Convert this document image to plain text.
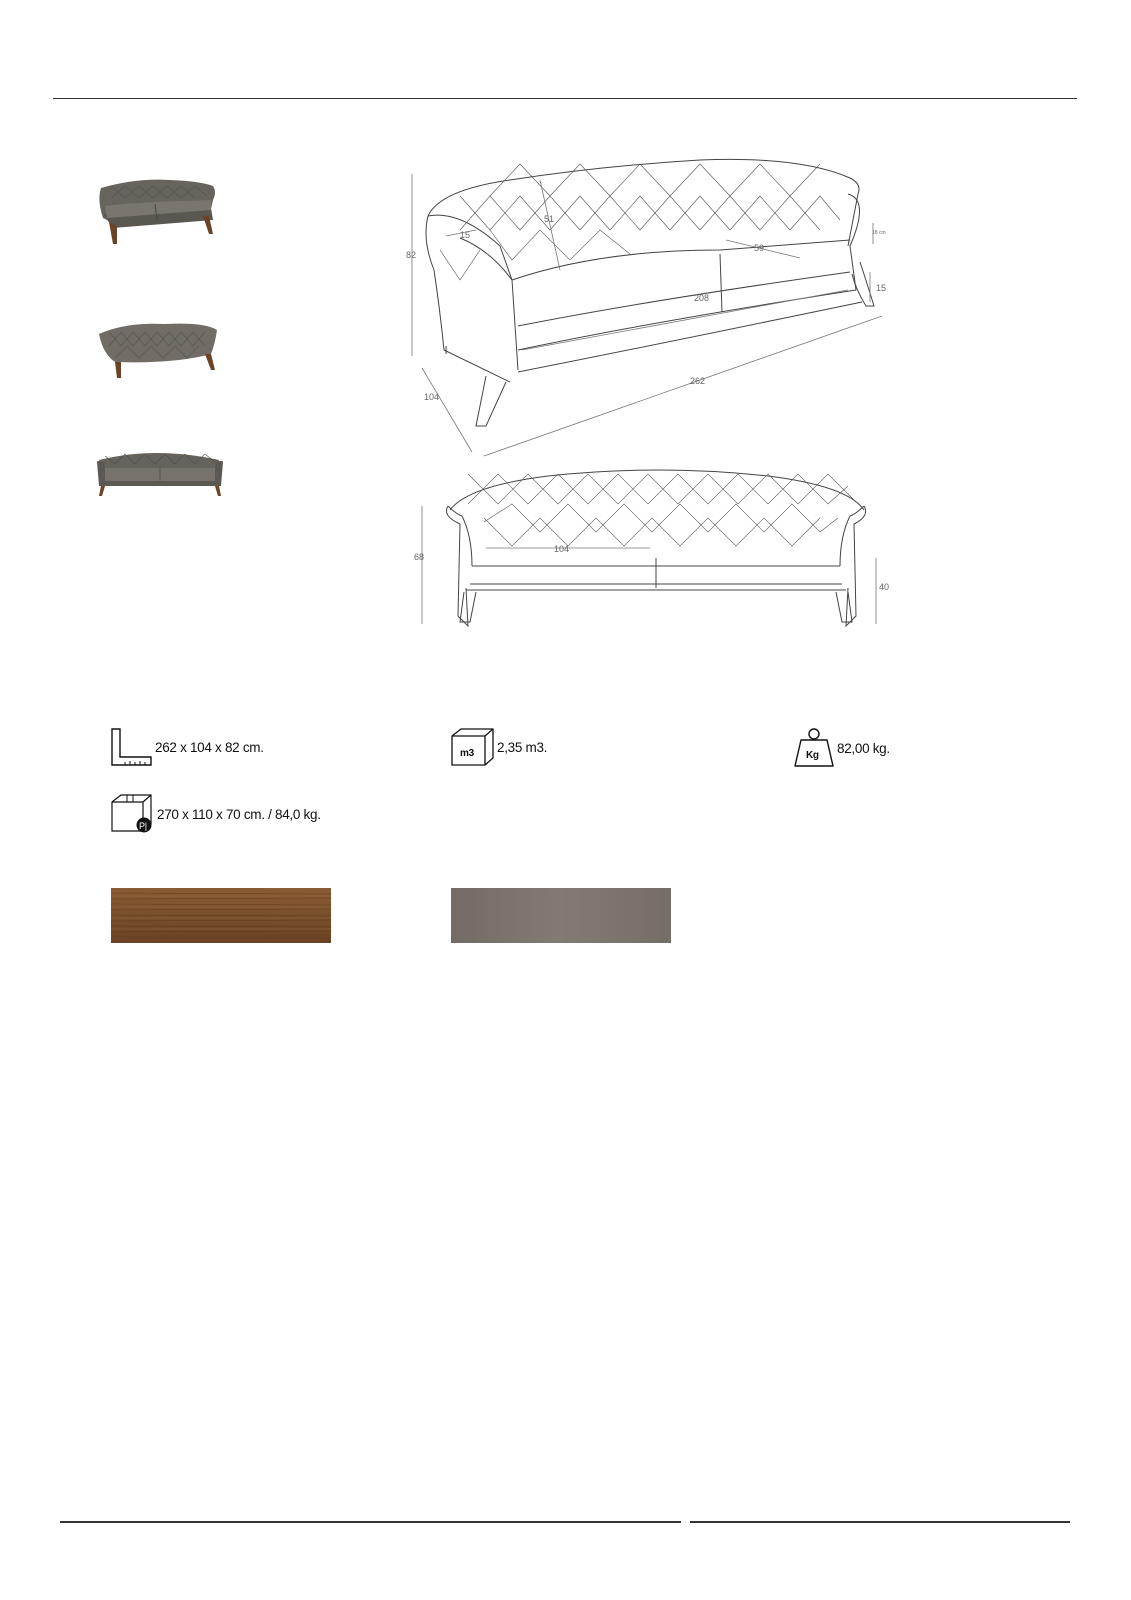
82
51
15
59
18 cm
15
208
104
262
68
104
40
262 x 104 x 82 cm.	m3 2,35 m3.
Kg 82,00 kg.
P|
270 x 110 x 70 cm. / 84,0 kg.
